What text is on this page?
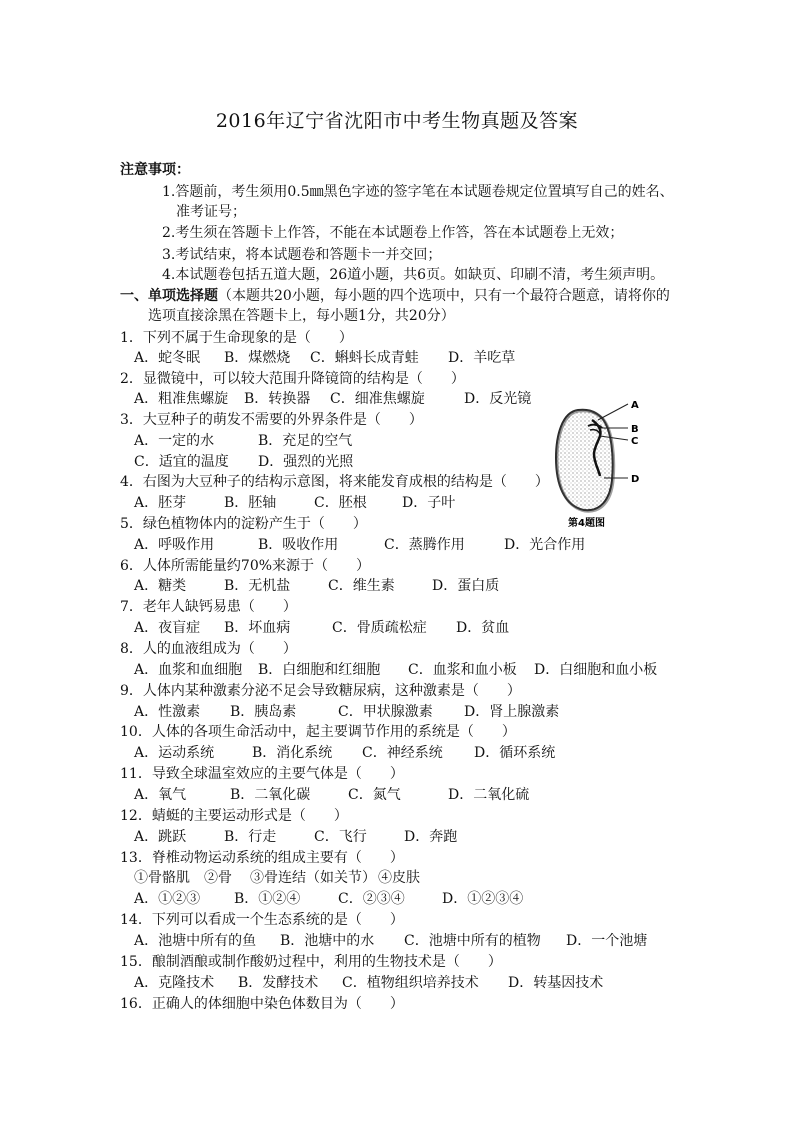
2016年辽宁省沈阳市中考生物真题及答案
注意事项：
1.答题前，考生须用0.5㎜黑色字迹的签字笔在本试题卷规定位置填写自己的姓名、
准考证号；
2.考生须在答题卡上作答，不能在本试题卷上作答，答在本试题卷上无效；
3.考试结束，将本试题卷和答题卡一并交回；
4.本试题卷包括五道大题，26道小题，共6页。如缺页、印刷不清，考生须声明。
一、单项选择题（本题共20小题，每小题的四个选项中，只有一个最符合题意，请将你的
选项直接涂黑在答题卡上，每小题1分，共20分）
1．下列不属于生命现象的是（　　）
A．蛇冬眠 B．煤燃烧 C．蝌蚪长成青蛙 D．羊吃草
2．显微镜中，可以较大范围升降镜筒的结构是（　　）
A．粗准焦螺旋 B．转换器 C．细准焦螺旋	D．反光镜
3．大豆种子的萌发不需要的外界条件是（　　）
A．一定的水	B．充足的空气
C．适宜的温度 D．强烈的光照
4．右图为大豆种子的结构示意图，将来能发育成根的结构是（　　）
A．胚芽	B．胚轴	C．胚根	D．子叶
5．绿色植物体内的淀粉产生于（　　）
A．呼吸作用	B．吸收作用	C．蒸腾作用	D．光合作用
6．人体所需能量约70%来源于（　　）
A．糖类	B．无机盐	C．维生素	D．蛋白质
7．老年人缺钙易患（　　）
A．夜盲症 B．坏血病	C．骨质疏松症 D．贫血
8．人的血液组成为（　　）
A．血浆和血细胞 B．白细胞和红细胞 C．血浆和血小板 D．白细胞和血小板
9．人体内某种激素分泌不足会导致糖尿病，这种激素是（　　）
A．性激素 B．胰岛素	C．甲状腺激素 D．肾上腺激素
10．人体的各项生命活动中，起主要调节作用的系统是（　　）
A．运动系统	B．消化系统 C．神经系统 D．循环系统
11．导致全球温室效应的主要气体是（　　）
A．氧气	B．二氧化碳	C．氮气	D．二氧化硫
12．蜻蜓的主要运动形式是（　　）
A．跳跃	B．行走	C．飞行	D．奔跑
13．脊椎动物运动系统的组成主要有（　　）
①骨骼肌 ②骨 ③骨连结（如关节） ④皮肤
A．①②③ B．①②④	C．②③④	D．①②③④
14．下列可以看成一个生态系统的是（　　）
A．池塘中所有的鱼 B．池塘中的水 C．池塘中所有的植物 D．一个池塘
15．酿制酒酿或制作酸奶过程中，利用的生物技术是（　　）
A．克隆技术 B．发酵技术 C．植物组织培养技术 D．转基因技术
16．正确人的体细胞中染色体数目为（　　）
A
B
C
D
第4题图
